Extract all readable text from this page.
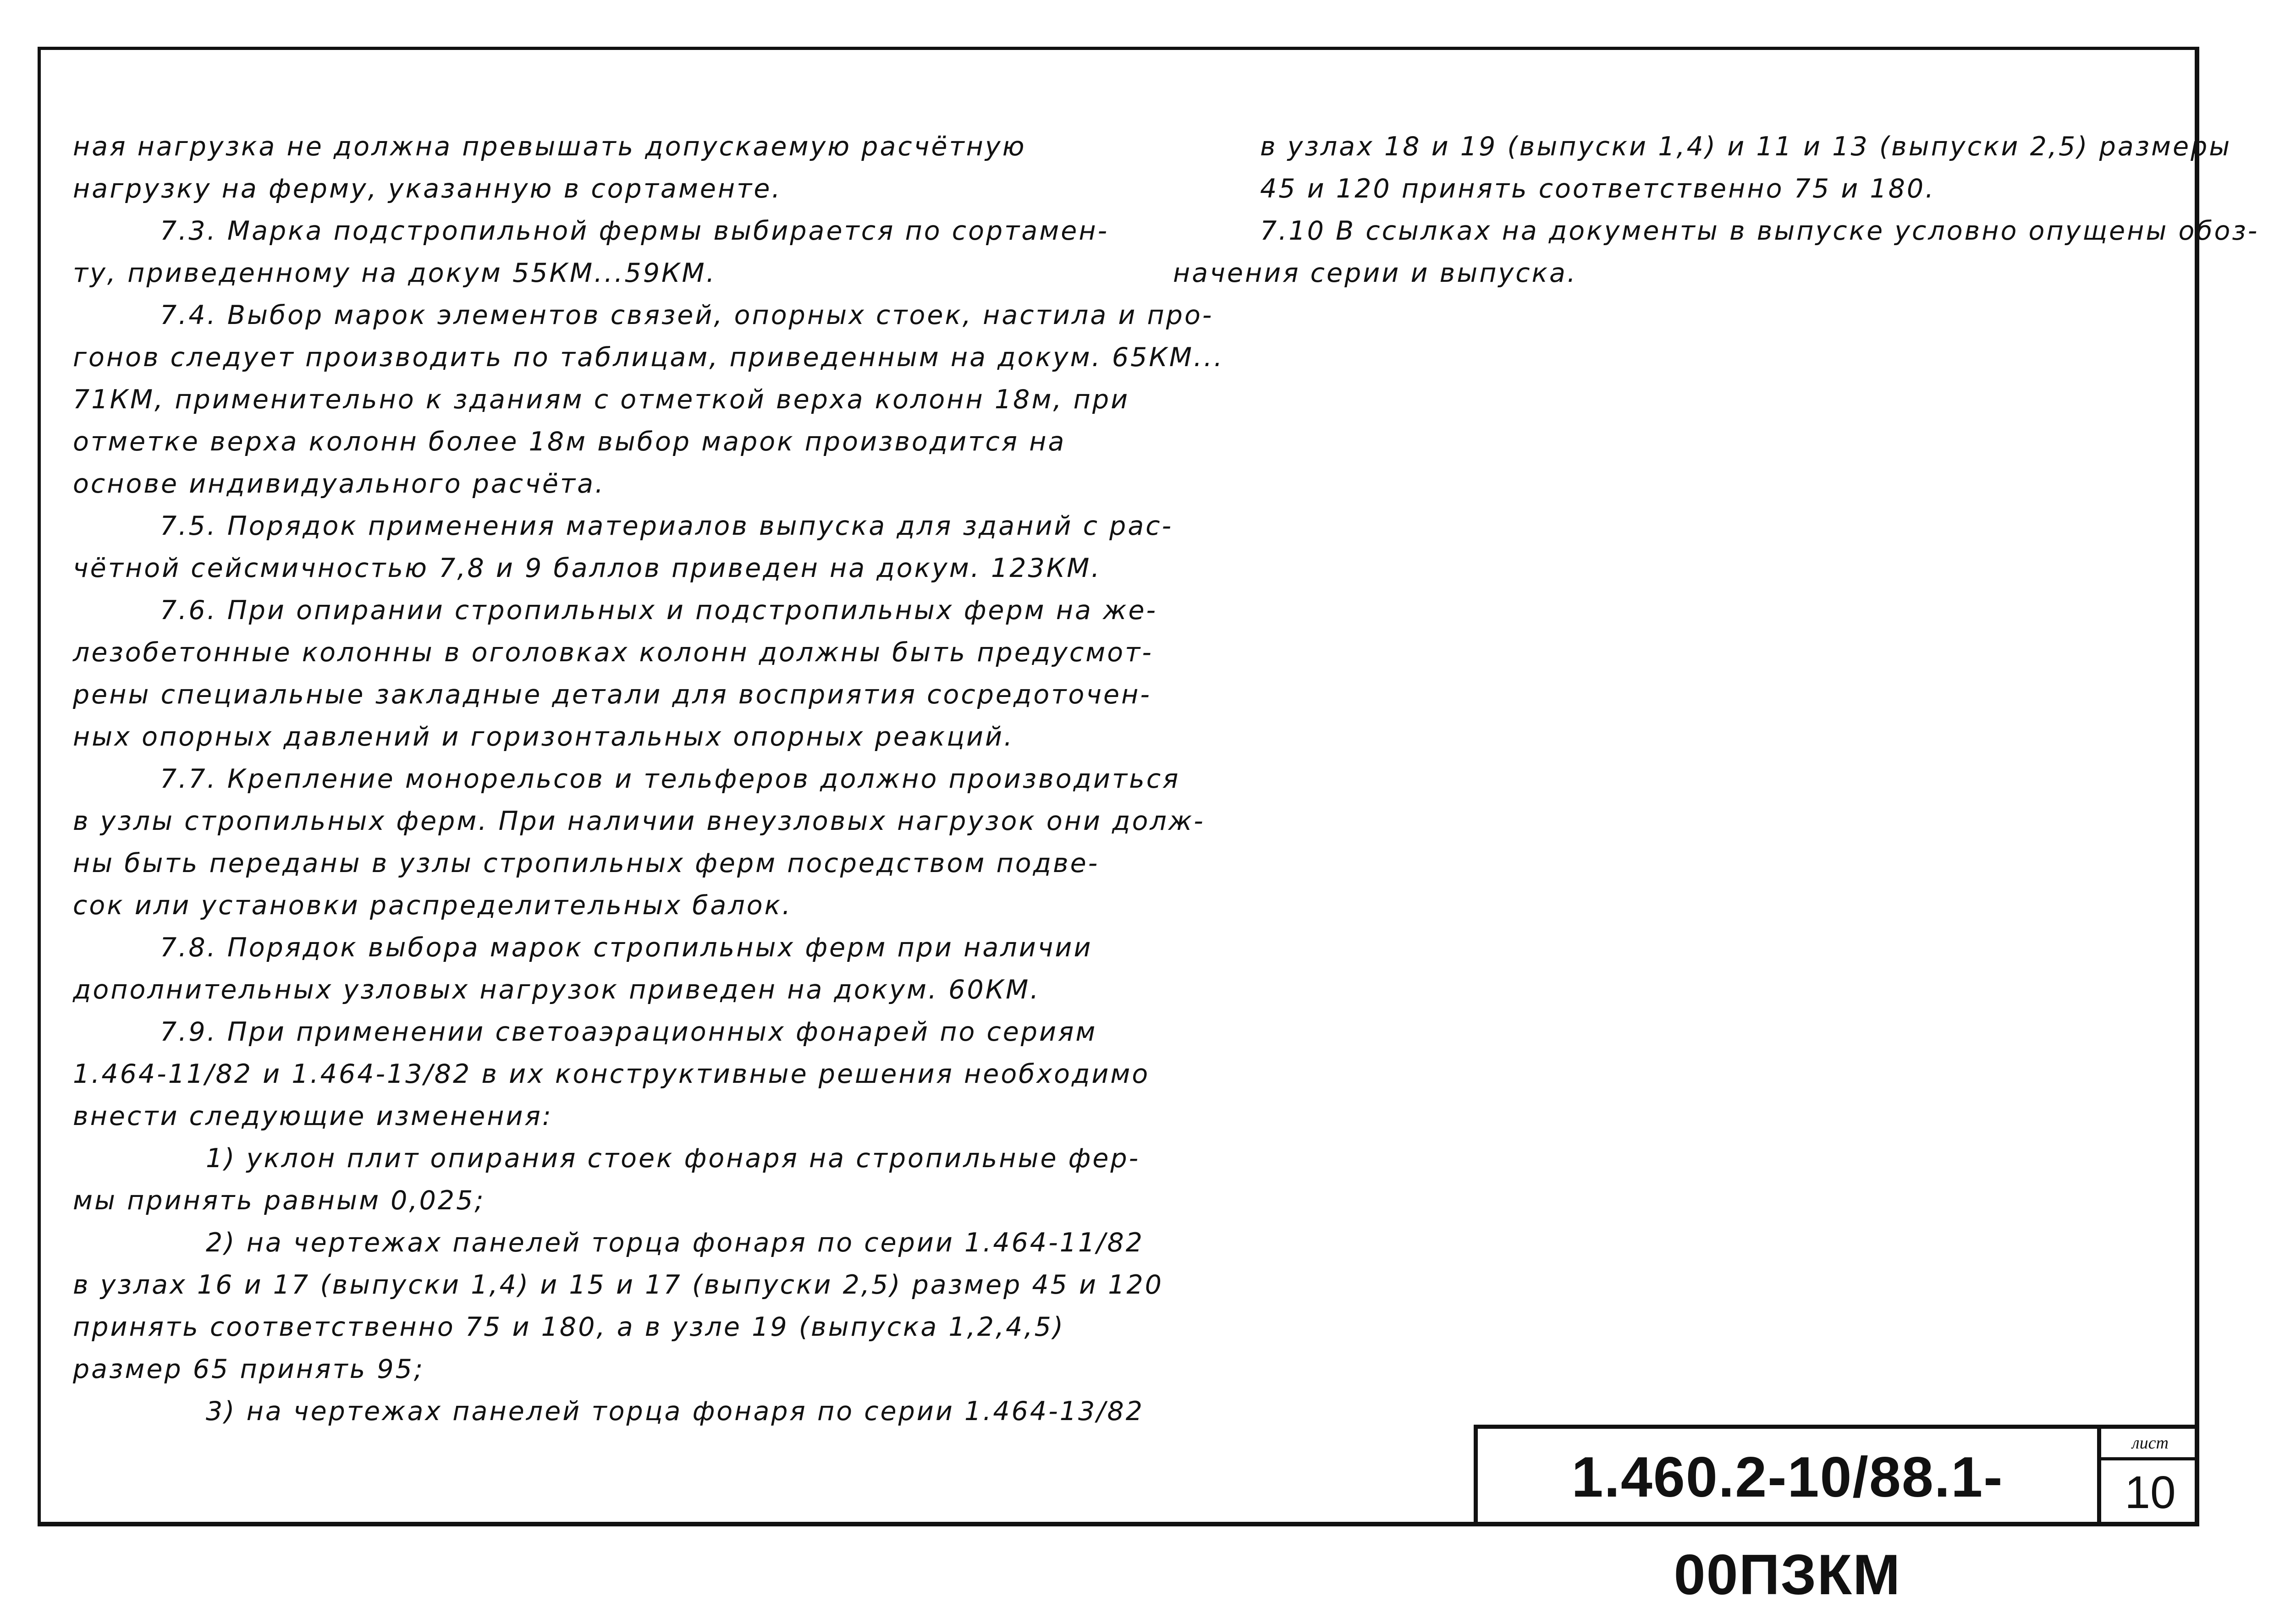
ная нагрузка не должна превышать допускаемую расчётную
нагрузку на ферму, указанную в сортаменте.
7.3. Марка подстропильной фермы выбирается по сортамен-
ту, приведенному на докум 55КМ...59КМ.
7.4. Выбор марок элементов связей, опорных стоек, настила и про-
гонов следует производить по таблицам, приведенным на докум. 65КМ...
71КМ, применительно к зданиям с отметкой верха колонн 18м, при
отметке верха колонн более 18м выбор марок производится на
основе индивидуального расчёта.
7.5. Порядок применения материалов выпуска для зданий с рас-
чётной сейсмичностью 7,8 и 9 баллов приведен на докум. 123КМ.
7.6. При опирании стропильных и подстропильных ферм на же-
лезобетонные колонны в оголовках колонн должны быть предусмот-
рены специальные закладные детали для восприятия сосредоточен-
ных опорных давлений и горизонтальных опорных реакций.
7.7. Крепление монорельсов и тельферов должно производиться
в узлы стропильных ферм. При наличии внеузловых нагрузок они долж-
ны быть переданы в узлы стропильных ферм посредством подве-
сок или установки распределительных балок.
7.8. Порядок выбора марок стропильных ферм при наличии
дополнительных узловых нагрузок приведен на докум. 60КМ.
7.9. При применении светоаэрационных фонарей по сериям
1.464-11/82 и 1.464-13/82 в их конструктивные решения необходимо
внести следующие изменения:
1) уклон плит опирания стоек фонаря на стропильные фер-
мы принять равным 0,025;
2) на чертежах панелей торца фонаря по серии 1.464-11/82
в узлах 16 и 17 (выпуски 1,4) и 15 и 17 (выпуски 2,5) размер 45 и 120
принять соответственно 75 и 180, а в узле 19 (выпуска 1,2,4,5)
размер 65 принять 95;
3) на чертежах панелей торца фонаря по серии 1.464-13/82
в узлах 18 и 19 (выпуски 1,4) и 11 и 13 (выпуски 2,5) размеры
45 и 120 принять соответственно 75 и 180.
7.10 В ссылках на документы в выпуске условно опущены обоз-
начения серии и выпуска.
1.460.2-10/88.1-00ПЗКМ
лист
10
